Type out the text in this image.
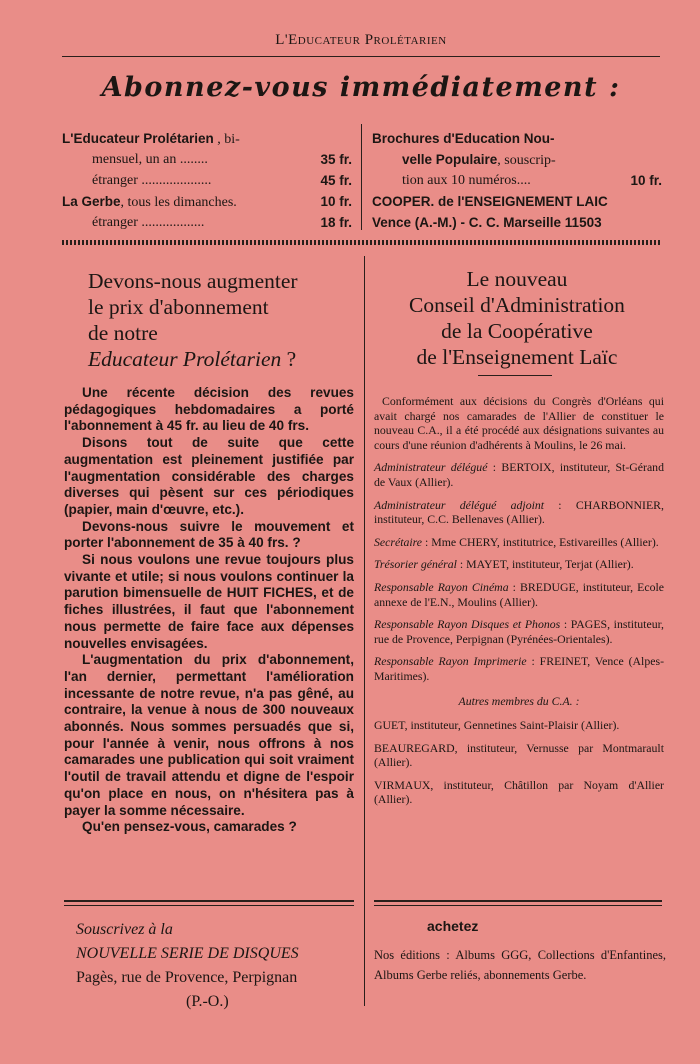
L'Educateur Prolétarien
Abonnez-vous immédiatement :
L'Educateur Prolétarien , bi-
mensuel, un an ........	35 fr.
étranger ....................	45 fr.
La Gerbe, tous les dimanches.	10 fr.
étranger ..................	18 fr.
Brochures d'Education Nou-
velle Populaire, souscrip-
tion aux 10 numéros....	10 fr.
COOPER. de l'ENSEIGNEMENT LAIC
Vence (A.-M.) - C. C. Marseille 11503
Devons-nous augmenter
le prix d'abonnement
de notre
Educateur Prolétarien ?

Une récente décision des revues pédagogiques hebdomadaires a porté l'abonnement à 45 fr. au lieu de 40 frs.

Disons tout de suite que cette augmentation est pleinement justifiée par l'augmentation considérable des charges diverses qui pèsent sur ces périodiques (papier, main d'œuvre, etc.).

Devons-nous suivre le mouvement et porter l'abonnement de 35 à 40 frs. ?

Si nous voulons une revue toujours plus vivante et utile; si nous voulons continuer la parution bimensuelle de HUIT FICHES, et de fiches illustrées, il faut que l'abonnement nous permette de faire face aux dépenses nouvelles envisagées.

L'augmentation du prix d'abonnement, l'an dernier, permettant l'amélioration incessante de notre revue, n'a pas gêné, au contraire, la venue à nous de 300 nouveaux abonnés. Nous sommes persuadés que si, pour l'année à venir, nous offrons à nos camarades une publication qui soit vraiment l'outil de travail attendu et digne de l'espoir qu'on place en nous, on n'hésitera pas à payer la somme nécessaire.

Qu'en pensez-vous, camarades ?

Le nouveau
Conseil d'Administration
de la Coopérative
de l'Enseignement Laïc

Conformément aux décisions du Congrès d'Orléans qui avait chargé nos camarades de l'Allier de constituer le nouveau C.A., il a été procédé aux désignations suivantes au cours d'une réunion d'adhérents à Moulins, le 26 mai.

Administrateur délégué : BERTOIX, instituteur, St-Gérand de Vaux (Allier).

Administrateur délégué adjoint : CHARBONNIER, instituteur, C.C. Bellenaves (Allier).

Secrétaire : Mme CHERY, institutrice, Estivareilles (Allier).

Trésorier général : MAYET, instituteur, Terjat (Allier).

Responsable Rayon Cinéma : BREDUGE, instituteur, Ecole annexe de l'E.N., Moulins (Allier).

Responsable Rayon Disques et Phonos : PAGES, instituteur, rue de Provence, Perpignan (Pyrénées-Orientales).

Responsable Rayon Imprimerie : FREINET, Vence (Alpes-Maritimes).

Autres membres du C.A. :

GUET, instituteur, Gennetines Saint-Plaisir (Allier).

BEAUREGARD, instituteur, Vernusse par Montmarault (Allier).

VIRMAUX, instituteur, Châtillon par Noyam d'Allier (Allier).

Souscrivez à la
NOUVELLE SERIE DE DISQUES
Pagès, rue de Provence, Perpignan
(P.-O.)
achetez
Nos éditions : Albums GGG, Collections d'Enfantines, Albums Gerbe reliés, abonnements Gerbe.
